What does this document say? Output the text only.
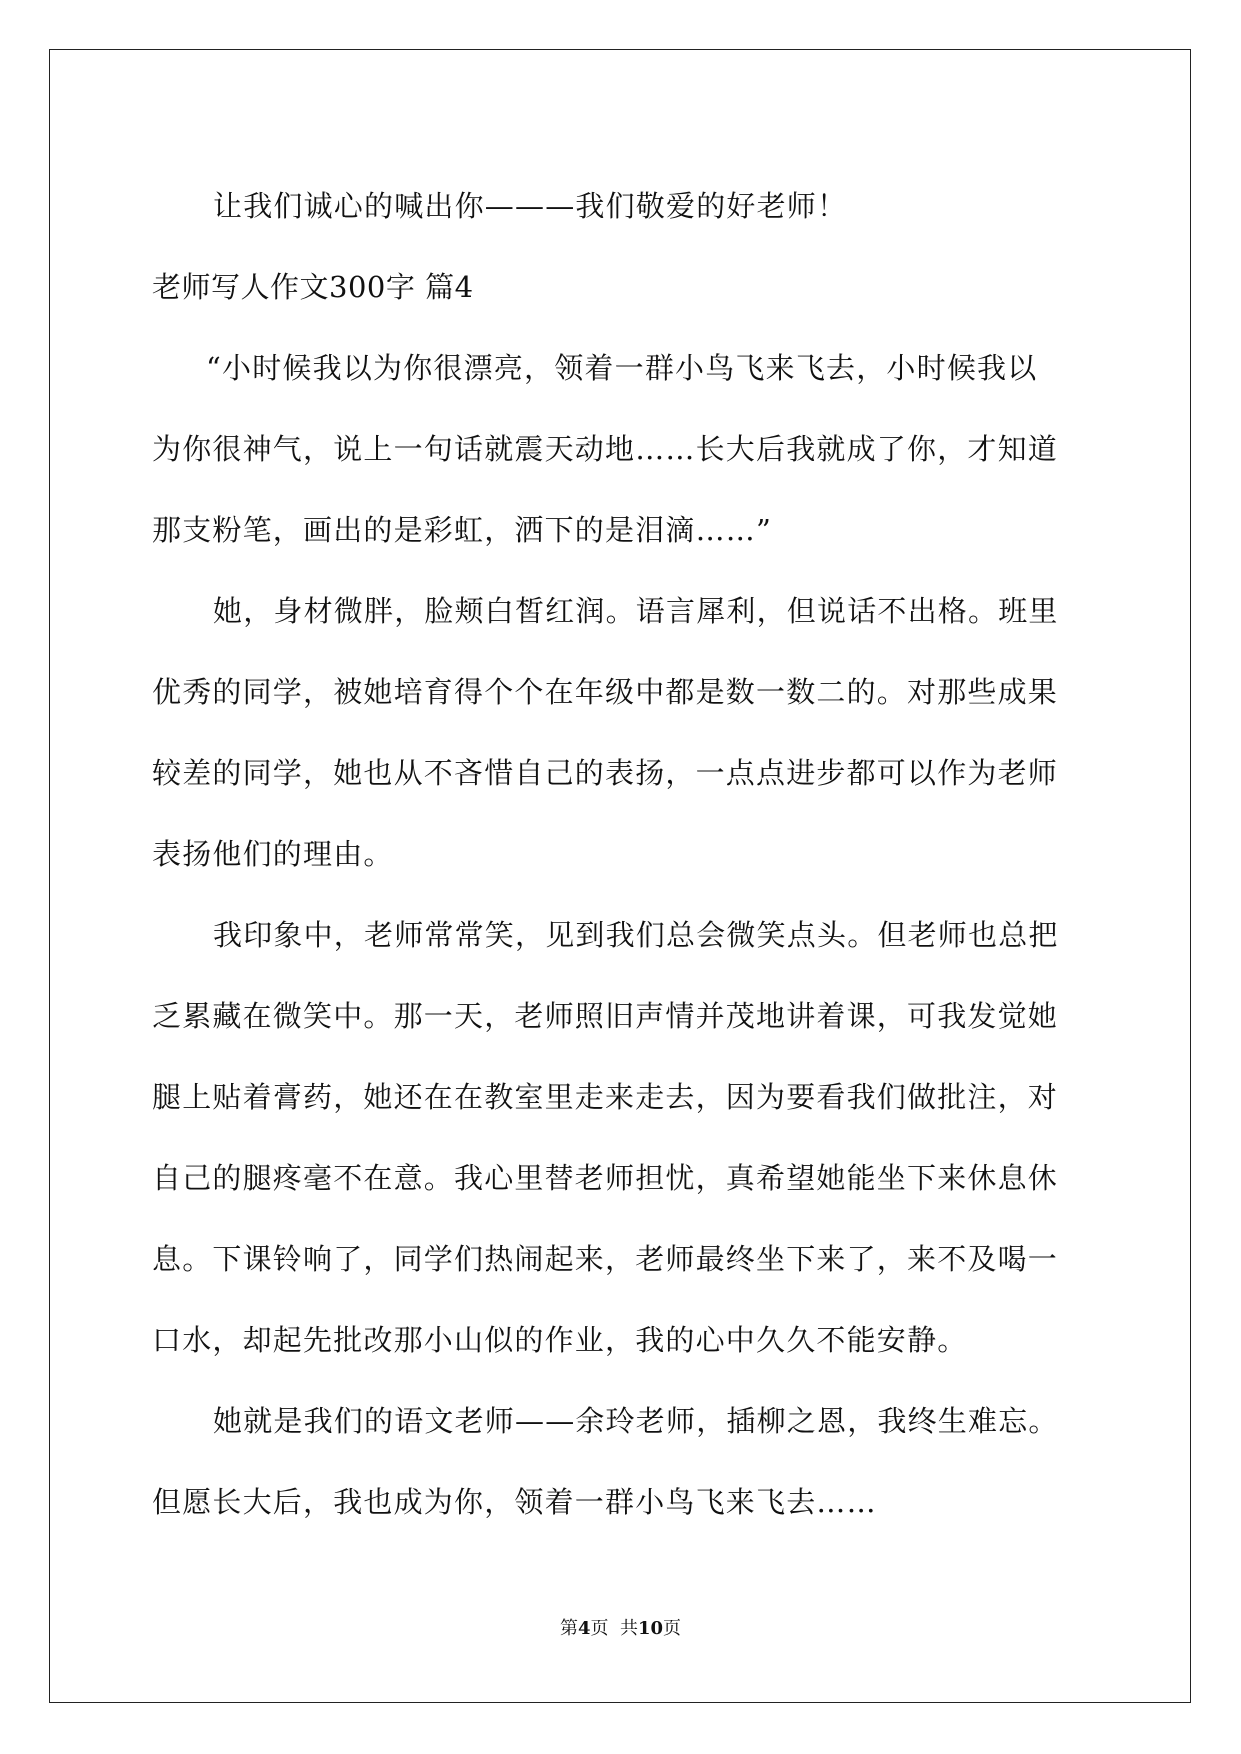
让我们诚心的喊出你———我们敬爱的好老师！
老师写人作文300字 篇4
“小时候我以为你很漂亮，领着一群小鸟飞来飞去，小时候我以
为你很神气，说上一句话就震天动地……长大后我就成了你，才知道
那支粉笔，画出的是彩虹，洒下的是泪滴……”
她，身材微胖，脸颊白皙红润。语言犀利，但说话不出格。班里
优秀的同学，被她培育得个个在年级中都是数一数二的。对那些成果
较差的同学，她也从不吝惜自己的表扬，一点点进步都可以作为老师
表扬他们的理由。
我印象中，老师常常笑，见到我们总会微笑点头。但老师也总把
乏累藏在微笑中。那一天，老师照旧声情并茂地讲着课，可我发觉她
腿上贴着膏药，她还在在教室里走来走去，因为要看我们做批注，对
自己的腿疼毫不在意。我心里替老师担忧，真希望她能坐下来休息休
息。下课铃响了，同学们热闹起来，老师最终坐下来了，来不及喝一
口水，却起先批改那小山似的作业，我的心中久久不能安静。
她就是我们的语文老师——余玲老师，插柳之恩，我终生难忘。
但愿长大后，我也成为你，领着一群小鸟飞来飞去……
第4页  共10页
